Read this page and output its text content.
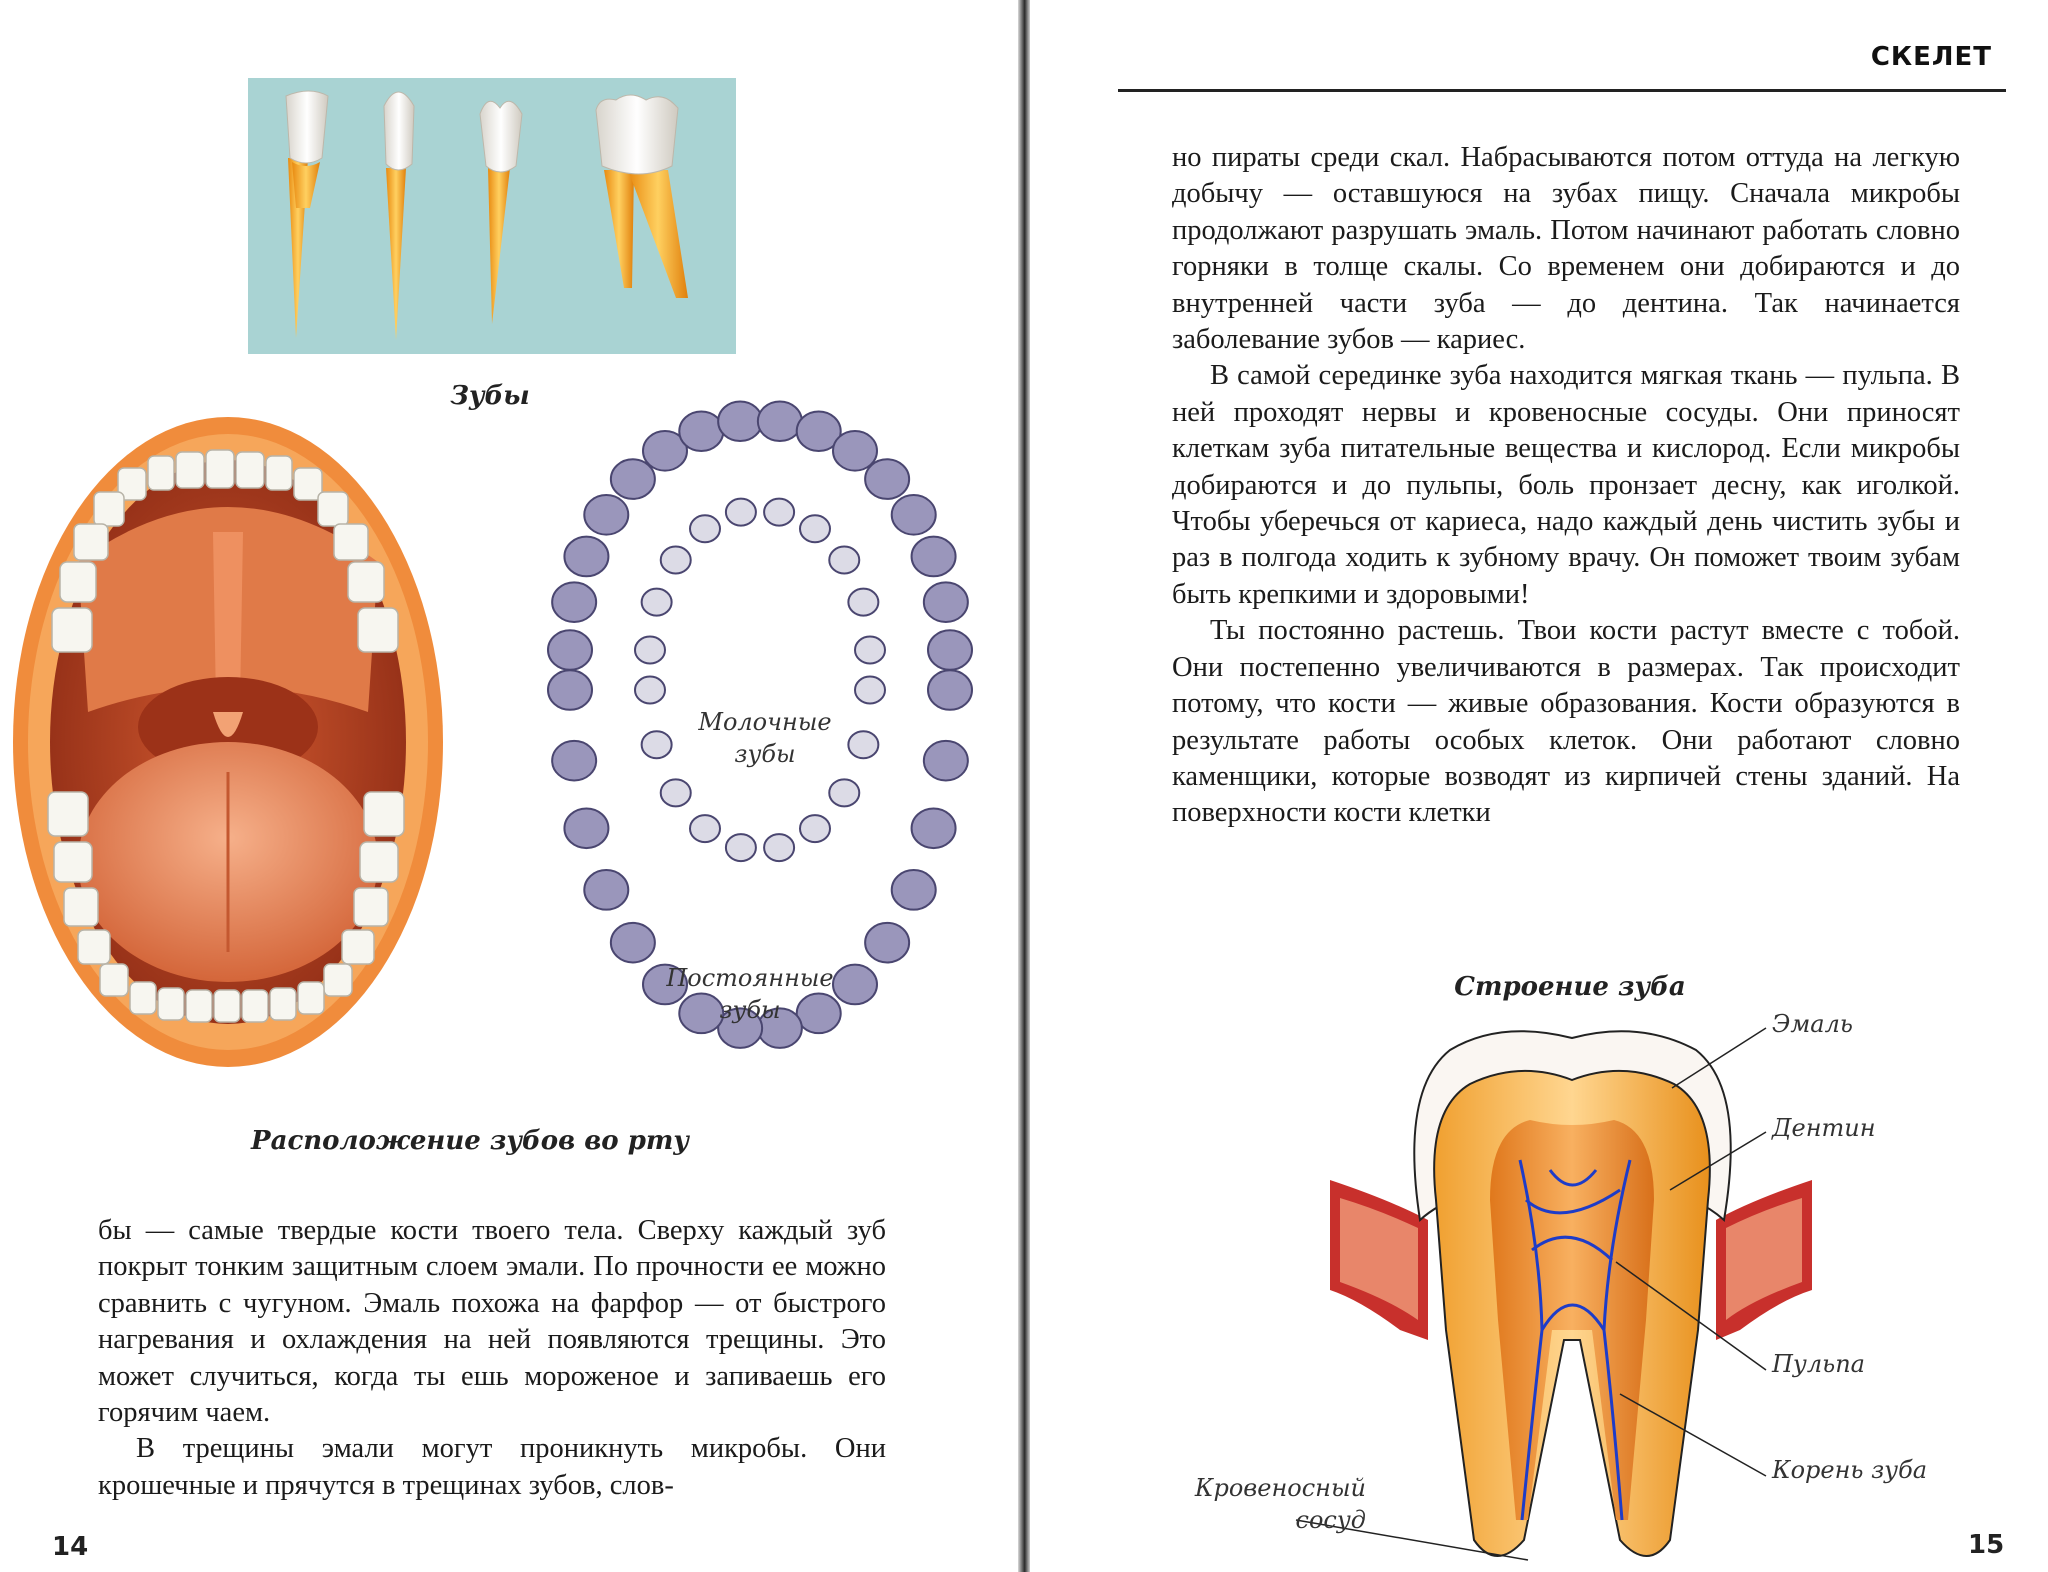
Зубы
Молочные
зубы
Постоянные
зубы
Расположение зубов во рту

бы — самые твердые кости твоего тела. Сверху каждый зуб покрыт тонким защитным слоем эмали. По прочности ее можно сравнить с чугуном. Эмаль похожа на фарфор — от быстрого нагревания и охлаждения на ней появляются трещины. Это может случиться, когда ты ешь мороженое и запиваешь его горячим чаем.

В трещины эмали могут проникнуть микробы. Они крошечные и прячутся в трещинах зубов, слов-

14
СКЕЛЕТ

но пираты среди скал. Набрасываются потом оттуда на легкую добычу — оставшуюся на зубах пищу. Сначала микробы продолжают разрушать эмаль. Потом начинают работать словно горняки в толще скалы. Со временем они добираются и до внутренней части зуба — до дентина. Так начинается заболевание зубов — кариес.

В самой серединке зуба находится мягкая ткань — пульпа. В ней проходят нервы и кровеносные сосуды. Они приносят клеткам зуба питательные вещества и кислород. Если микробы добираются и до пульпы, боль пронзает десну, как иголкой. Чтобы уберечься от кариеса, надо каждый день чистить зубы и раз в полгода ходить к зубному врачу. Он поможет твоим зубам быть крепкими и здоровыми!

Ты постоянно растешь. Твои кости растут вместе с тобой. Они постепенно увеличиваются в размерах. Так происходит потому, что кости — живые образования. Кости образуются в результате работы особых клеток. Они работают словно каменщики, которые возводят из кирпичей стены зданий. На поверхности кости клетки

Строение зуба
Эмаль
Дентин
Пульпа
Корень зуба
Кровеносный
сосуд
15
